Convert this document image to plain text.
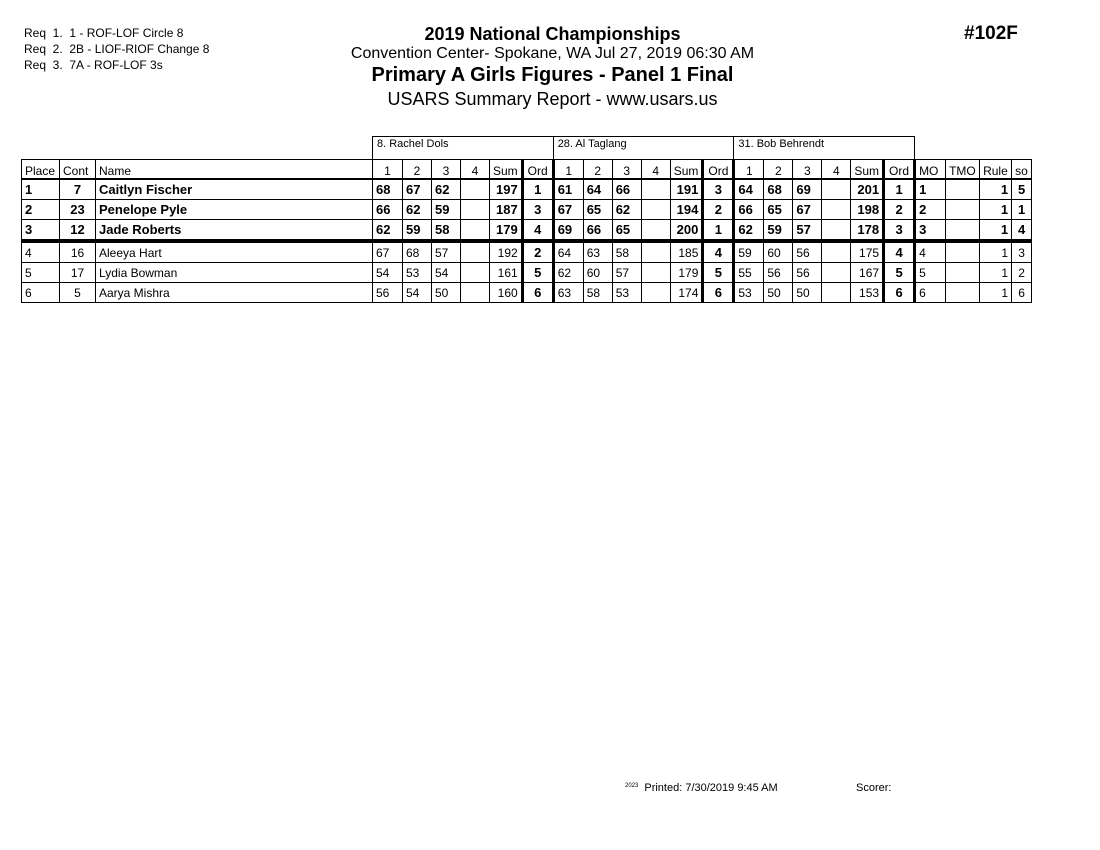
Req  1.  1 - ROF-LOF Circle 8
Req  2.  2B - LIOF-RIOF Change 8
Req  3.  7A - ROF-LOF 3s
#102F
2019 National Championships
Convention Center- Spokane, WA Jul 27, 2019 06:30 AM
Primary A Girls Figures - Panel 1 Final
USARS Summary Report - www.usars.us
			8. Rachel Dols						28. Al Taglang						31. Bob Behrendt									
Place	Cont	Name	1	2	3	4	Sum	Ord	1	2	3	4	Sum	Ord	1	2	3	4	Sum	Ord	MO	TMO	Rule	so
1	7	Caitlyn Fischer	68	67	62		197	1	61	64	66		191	3	64	68	69		201	1	1		1	5
2	23	Penelope Pyle	66	62	59		187	3	67	65	62		194	2	66	65	67		198	2	2		1	1
3	12	Jade Roberts	62	59	58		179	4	69	66	65		200	1	62	59	57		178	3	3		1	4
4	16	Aleeya Hart	67	68	57		192	2	64	63	58		185	4	59	60	56		175	4	4		1	3
5	17	Lydia Bowman	54	53	54		161	5	62	60	57		179	5	55	56	56		167	5	5		1	2
6	5	Aarya Mishra	56	54	50		160	6	63	58	53		174	6	53	50	50		153	6	6		1	6
$^{2023}$ Printed: 7/30/2019 9:45 AM	Scorer:
